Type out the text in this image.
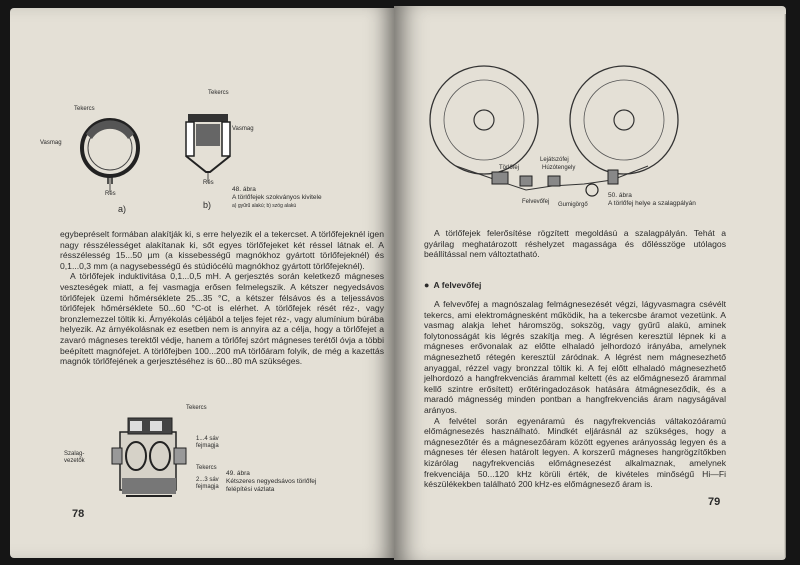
Tekercs
Vasmag
Rés
Tekercs
Vasmag
Rés
a)	b)
48. ábra
A törlőfejek szokványos kivitele
a) gyűrű alakú; b) szög alakú

egybepréselt formában alakítják ki, s erre helyezik el a tekercset. A törlőfejeknél igen nagy résszélességet alakítanak ki, sőt egyes törlőfejeket két réssel látnak el. A résszélesség 15...50 µm (a kissebességű magnókhoz gyártott törlőfejeknél) és 0,1...0,3 mm (a nagysebességű és stúdiócélú magnókhoz gyártott törlőfejeknél).

A törlőfejek induktivitása 0,1...0,5 mH. A gerjesztés során keletkező mágneses veszteségek miatt, a fej vasmagja erősen felmelegszik. A kétszer negyedsávos törlőfejek üzemi hőmérséklete 25...35 °C, a kétszer félsávos és a teljessávos törlőfejek hőmérséklete 50...60 °C-ot is elérhet. A törlőfejek rését réz-, vagy bronzlemezzel töltik ki. Árnyékolás céljából a teljes fejet réz-, vagy alumínium búrába helyezik. Az árnyékolásnak ez esetben nem is annyira az a célja, hogy a törlőfejet a zavaró mágneses terektől védje, hanem a törlőfej szórt mágneses terétől óvja a többi beépített magnófejet. A törlőfejben 100...200 mA törlőáram folyik, de még a kazettás magnók törlőfejének a gerjesztéséhez is 60...80 mA szükséges.

Tekercs
1...4 sáv
fejmagja
Szalag-
vezetők
Tekercs
2...3 sáv
fejmagja
49. ábra
Kétszeres negyedsávos törlőfej
felépítési vázlata
78
Lejátszófej
Törlőfej	Húzótengely
Felvevőfej Gumigörgő
50. ábra
A törlőfej helye a szalagpályán
A törlőfejek felerősítése rögzített megoldású a szalagpályán. Tehát a gyárilag meghatározott réshelyzet magassága és dőlésszöge utólagos beállítással nem változtatható.
● A felvevőfej

A felvevőfej a magnószalag felmágnesezését végzi, lágyvasmagra csévélt tekercs, ami elektromágnesként működik, ha a tekercsbe áramot vezetünk. A vasmag alakja lehet háromszög, sokszög, vagy gyűrű alakú, aminek folytonosságát kis légrés szakítja meg. A légrésen keresztül lépnek ki a mágneses erővonalak az előtte elhaladó jelhordozó irányába, amelynek mágnesezhető rétegén keresztül záródnak. A légrést nem mágnesezhető anyaggal, rézzel vagy bronzzal töltik ki. A fej előtt elhaladó mágnesezhető jelhordozó a hangfrekvenciás árammal keltett (és az előmágnesező árammal kellő szintre erősített) erőtéringadozások hatására átmágneseződik, és a maradó mágnesség minden pontban a hangfrekvenciás áram nagyságával arányos.

A felvétel során egyenáramú és nagyfrekvenciás váltakozóáramú előmágnesezés használható. Mindkét eljárásnál az szükséges, hogy a mágnesezőtér és a mágnesezőáram között egyenes arányosság legyen és a mágneses tér élesen határolt legyen. A korszerű mágneses hangrögzítőkben kizárólag nagyfrekvenciás előmágnesezést alkalmaznak, amelynek frekvenciája 50...120 kHz körüli érték, de kivételes minőségű Hi—Fi készülékekben található 200 kHz-es előmágnesező áram is.

79
